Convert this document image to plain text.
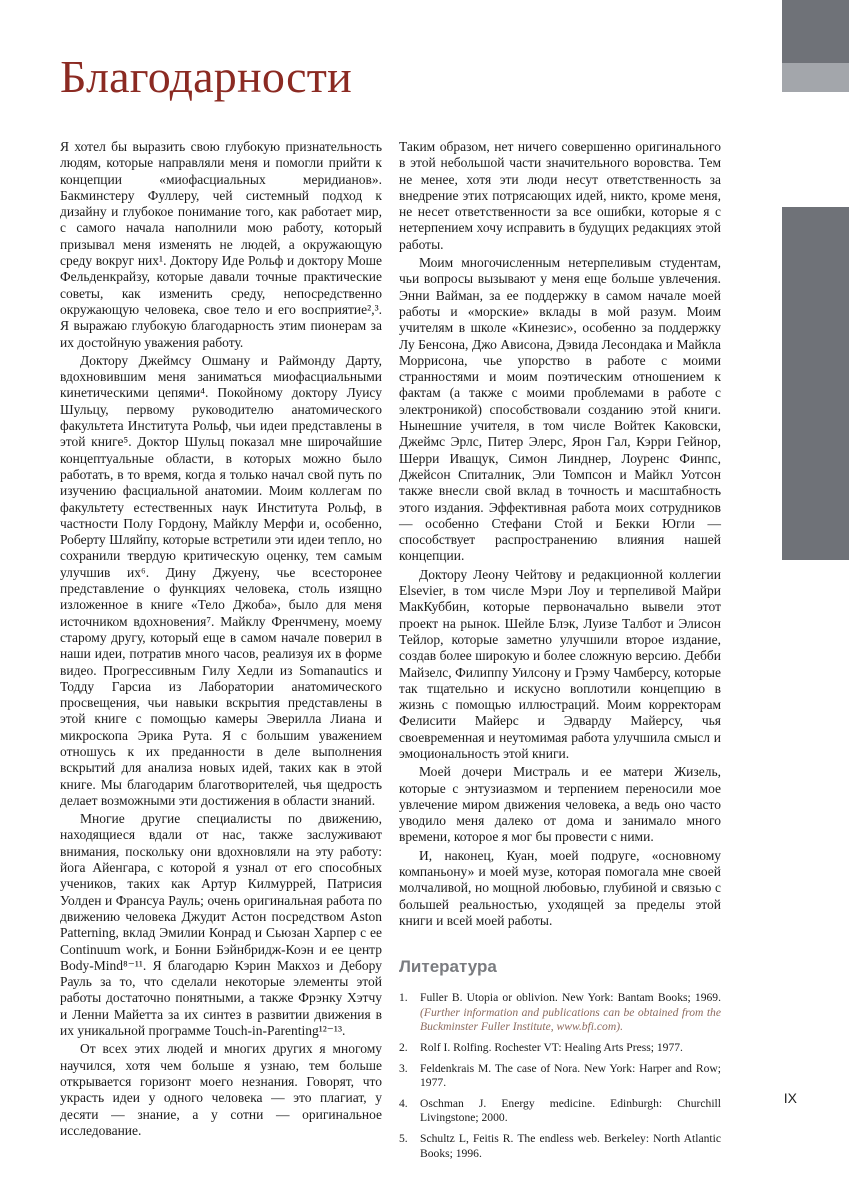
Благодарности

Я хотел бы выразить свою глубокую признательность людям, которые направляли меня и помогли прийти к концепции «миофасциальных меридианов». Бакминстеру Фуллеру, чей системный подход к дизайну и глубокое понимание того, как работает мир, с самого начала наполнили мою работу, который призывал меня изменять не людей, а окружающую среду вокруг них¹. Доктору Иде Рольф и доктору Моше Фельденкрайзу, которые давали точные практические советы, как изменить среду, непосредственно окружающую человека, свое тело и его восприятие²,³. Я выражаю глубокую благодарность этим пионерам за их достойную уважения работу.

Доктору Джеймсу Ошману и Раймонду Дарту, вдохновившим меня заниматься миофасциальными кинетическими цепями⁴. Покойному доктору Луису Шульцу, первому руководителю анатомического факультета Института Рольф, чьи идеи представлены в этой книге⁵. Доктор Шульц показал мне широчайшие концептуальные области, в которых можно было работать, в то время, когда я только начал свой путь по изучению фасциальной анатомии. Моим коллегам по факультету естественных наук Института Рольф, в частности Полу Гордону, Майклу Мерфи и, особенно, Роберту Шляйпу, которые встретили эти идеи тепло, но сохранили твердую критическую оценку, тем самым улучшив их⁶. Дину Джуену, чье всесторонее представление о функциях человека, столь изящно изложенное в книге «Тело Джоба», было для меня источником вдохновения⁷. Майклу Френчмену, моему старому другу, который еще в самом начале поверил в наши идеи, потратив много часов, реализуя их в форме видео. Прогрессивным Гилу Хедли из Somanautics и Тодду Гарсиа из Лаборатории анатомического просвещения, чьи навыки вскрытия представлены в этой книге с помощью камеры Эверилла Лиана и микроскопа Эрика Рута. Я с большим уважением отношусь к их преданности в деле выполнения вскрытий для анализа новых идей, таких как в этой книге. Мы благодарим благотворителей, чья щедрость делает возможными эти достижения в области знаний.

Многие другие специалисты по движению, находящиеся вдали от нас, также заслуживают внимания, поскольку они вдохновляли на эту работу: йога Айенгара, с которой я узнал от его способных учеников, таких как Артур Килмуррей, Патрисия Уолден и Франсуа Рауль; очень оригинальная работа по движению человека Джудит Астон посредством Aston Patterning, вклад Эмилии Конрад и Сьюзан Харпер с ее Continuum work, и Бонни Бэйнбридж-Коэн и ее центр Body-Mind⁸⁻¹¹. Я благодарю Кэрин Макхоз и Дебору Рауль за то, что сделали некоторые элементы этой работы достаточно понятными, а также Фрэнку Хэтчу и Ленни Майетта за их синтез в развитии движения в их уникальной программе Touch-in-Parenting¹²⁻¹³.

От всех этих людей и многих других я многому научился, хотя чем больше я узнаю, тем больше открывается горизонт моего незнания. Говорят, что украсть идеи у одного человека — это плагиат, у десяти — знание, а у сотни — оригинальное исследование.

Таким образом, нет ничего совершенно оригинального в этой небольшой части значительного воровства. Тем не менее, хотя эти люди несут ответственность за внедрение этих потрясающих идей, никто, кроме меня, не несет ответственности за все ошибки, которые я с нетерпением хочу исправить в будущих редакциях этой работы.

Моим многочисленным нетерпеливым студентам, чьи вопросы вызывают у меня еще больше увлечения. Энни Вайман, за ее поддержку в самом начале моей работы и «морские» вклады в мой разум. Моим учителям в школе «Кинезис», особенно за поддержку Лу Бенсона, Джо Ависона, Дэвида Лесондака и Майкла Моррисона, чье упорство в работе с моими странностями и моим поэтическим отношением к фактам (а также с моими проблемами в работе с электроникой) способствовали созданию этой книги. Нынешние учителя, в том числе Войтек Каковски, Джеймс Эрлс, Питер Элерс, Ярон Гал, Кэрри Гейнор, Шерри Иващук, Симон Линднер, Лоуренс Финпс, Джейсон Спиталник, Эли Томпсон и Майкл Уотсон также внесли свой вклад в точность и масштабность этого издания. Эффективная работа моих сотрудников — особенно Стефани Стой и Бекки Югли — способствует распространению влияния нашей концепции.

Доктору Леону Чейтову и редакционной коллегии Elsevier, в том числе Мэри Лоу и терпеливой Майри МакКуббин, которые первоначально вывели этот проект на рынок. Шейле Блэк, Луизе Талбот и Элисон Тейлор, которые заметно улучшили второе издание, создав более широкую и более сложную версию. Дебби Майзелс, Филиппу Уилсону и Грэму Чамберсу, которые так тщательно и искусно воплотили концепцию в жизнь с помощью иллюстраций. Моим корректорам Фелисити Майерс и Эдварду Майерсу, чья своевременная и неутомимая работа улучшила смысл и эмоциональность этой книги.

Моей дочери Мистраль и ее матери Жизель, которые с энтузиазмом и терпением переносили мое увлечение миром движения человека, а ведь оно часто уводило меня далеко от дома и занимало много времени, которое я мог бы провести с ними.

И, наконец, Куан, моей подруге, «основному компаньону» и моей музе, которая помогала мне своей молчаливой, но мощной любовью, глубиной и связью с большей реальностью, уходящей за пределы этой книги и всей моей работы.

Литература
1. Fuller B. Utopia or oblivion. New York: Bantam Books; 1969. (Further information and publications can be obtained from the Buckminster Fuller Institute, www.bfi.com).
2. Rolf I. Rolfing. Rochester VT: Healing Arts Press; 1977.
3. Feldenkrais M. The case of Nora. New York: Harper and Row; 1977.
4. Oschman J. Energy medicine. Edinburgh: Churchill Livingstone; 2000.
5. Schultz L, Feitis R. The endless web. Berkeley: North Atlantic Books; 1996.
IX
